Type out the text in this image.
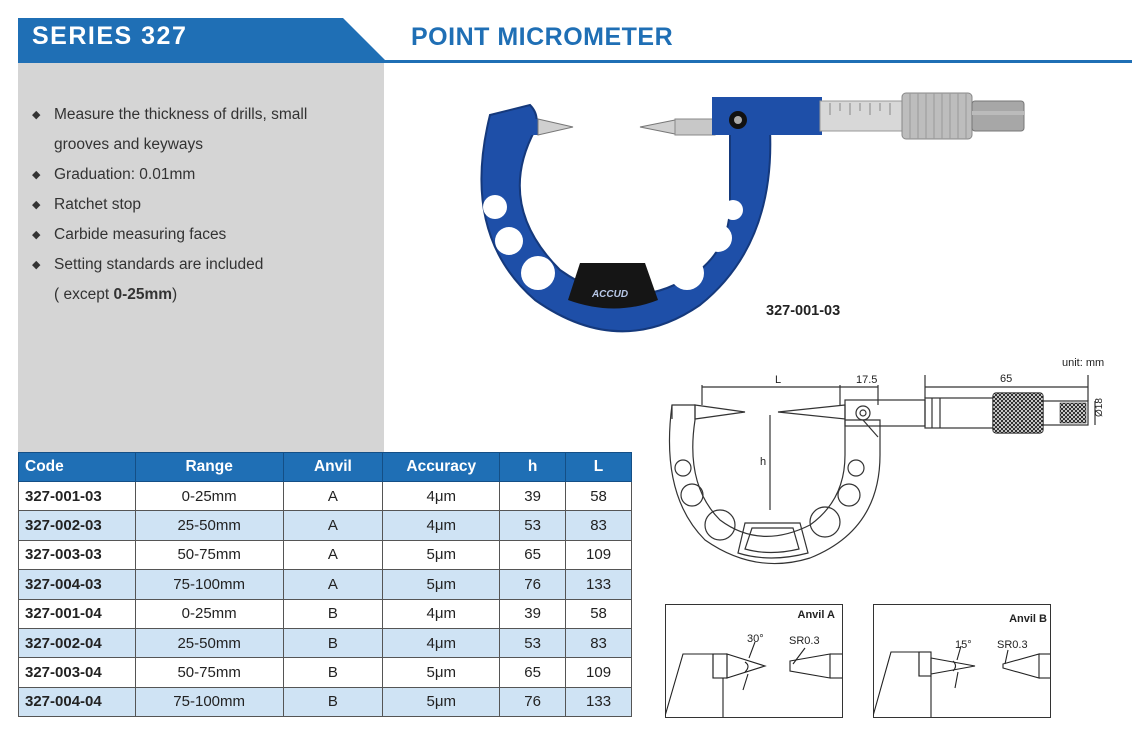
SERIES 327	POINT MICROMETER
◆ Measure the thickness of drills, small
grooves and keyways
◆ Graduation: 0.01mm
◆ Ratchet stop
◆ Carbide measuring faces
◆ Setting standards are included
( except 0-25mm)	ACCUD
327-001-03
unit: mm
L	17.5	65
h
Ø18
Anvil A
30° SR0.3
Anvil B
15° SR0.3
Code	Range	Anvil	Accuracy	h	L
327-001-03	0-25mm	A	4μm	39	58
327-002-03	25-50mm	A	4μm	53	83
327-003-03	50-75mm	A	5μm	65	109
327-004-03	75-100mm	A	5μm	76	133
327-001-04	0-25mm	B	4μm	39	58
327-002-04	25-50mm	B	4μm	53	83
327-003-04	50-75mm	B	5μm	65	109
327-004-04	75-100mm	B	5μm	76	133
